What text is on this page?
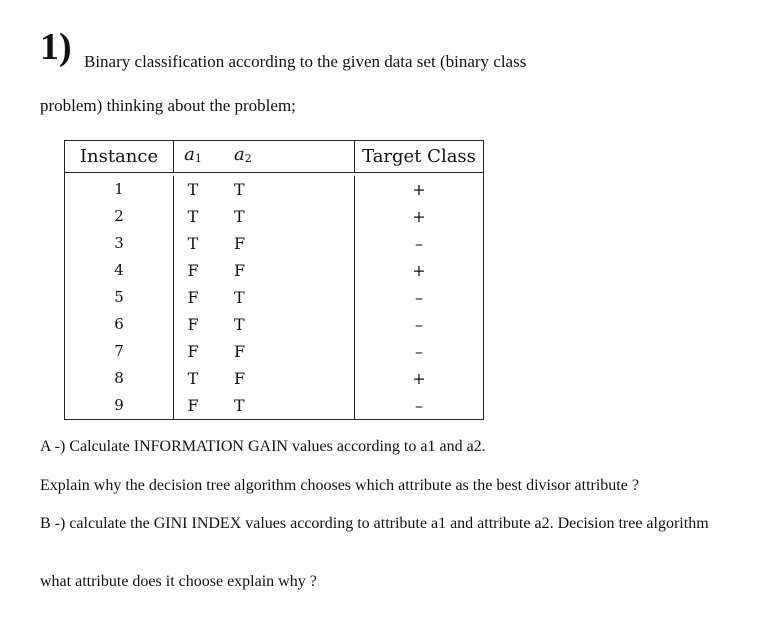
1) Binary classification according to the given data set (binary class
problem) thinking about the problem;
Instance	a1	a2	Target Class

1	T	T	+
2	T	T	+
3	T	F	–
4	F	F	+
5	F	T	–
6	F	T	–
7	F	F	–
8	T	F	+
9	F	T	–
A -) Calculate INFORMATION GAIN values according to a1 and a2.
Explain why the decision tree algorithm chooses which attribute as the best divisor attribute ?
B -) calculate the GINI INDEX values according to attribute a1 and attribute a2. Decision tree algorithm
what attribute does it choose explain why ?
